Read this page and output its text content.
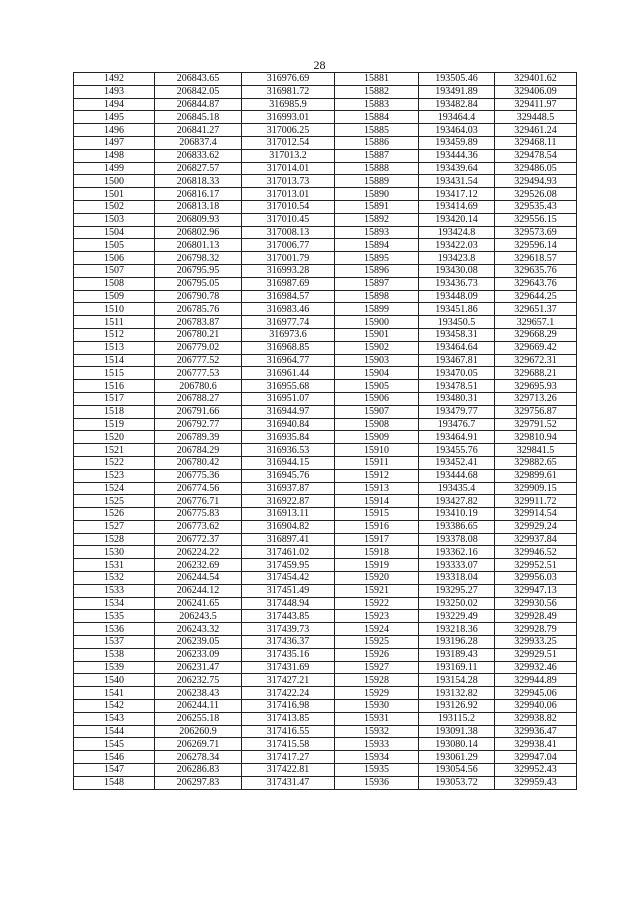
28
1492	206843.65	316976.69	15881	193505.46	329401.62
1493	206842.05	316981.72	15882	193491.89	329406.09
1494	206844.87	316985.9	15883	193482.84	329411.97
1495	206845.18	316993.01	15884	193464.4	329448.5
1496	206841.27	317006.25	15885	193464.03	329461.24
1497	206837.4	317012.54	15886	193459.89	329468.11
1498	206833.62	317013.2	15887	193444.36	329478.54
1499	206827.57	317014.01	15888	193439.64	329486.05
1500	206818.33	317013.73	15889	193431.54	329494.93
1501	206816.17	317013.01	15890	193417.12	329526.08
1502	206813.18	317010.54	15891	193414.69	329535.43
1503	206809.93	317010.45	15892	193420.14	329556.15
1504	206802.96	317008.13	15893	193424.8	329573.69
1505	206801.13	317006.77	15894	193422.03	329596.14
1506	206798.32	317001.79	15895	193423.8	329618.57
1507	206795.95	316993.28	15896	193430.08	329635.76
1508	206795.05	316987.69	15897	193436.73	329643.76
1509	206790.78	316984.57	15898	193448.09	329644.25
1510	206785.76	316983.46	15899	193451.86	329651.37
1511	206783.87	316977.74	15900	193450.5	329657.1
1512	206780.21	316973.6	15901	193458.31	329668.29
1513	206779.02	316968.85	15902	193464.64	329669.42
1514	206777.52	316964.77	15903	193467.81	329672.31
1515	206777.53	316961.44	15904	193470.05	329688.21
1516	206780.6	316955.68	15905	193478.51	329695.93
1517	206788.27	316951.07	15906	193480.31	329713.26
1518	206791.66	316944.97	15907	193479.77	329756.87
1519	206792.77	316940.84	15908	193476.7	329791.52
1520	206789.39	316935.84	15909	193464.91	329810.94
1521	206784.29	316936.53	15910	193455.76	329841.5
1522	206780.42	316944.15	15911	193452.41	329882.65
1523	206775.36	316945.76	15912	193444.68	329899.61
1524	206774.56	316937.87	15913	193435.4	329909.15
1525	206776.71	316922.87	15914	193427.82	329911.72
1526	206775.83	316913.11	15915	193410.19	329914.54
1527	206773.62	316904.82	15916	193386.65	329929.24
1528	206772.37	316897.41	15917	193378.08	329937.84
1530	206224.22	317461.02	15918	193362.16	329946.52
1531	206232.69	317459.95	15919	193333.07	329952.51
1532	206244.54	317454.42	15920	193318.04	329956.03
1533	206244.12	317451.49	15921	193295.27	329947.13
1534	206241.65	317448.94	15922	193250.02	329930.56
1535	206243.5	317443.85	15923	193229.49	329928.49
1536	206243.32	317439.73	15924	193218.36	329928.79
1537	206239.05	317436.37	15925	193196.28	329933.25
1538	206233.09	317435.16	15926	193189.43	329929.51
1539	206231.47	317431.69	15927	193169.11	329932.46
1540	206232.75	317427.21	15928	193154.28	329944.89
1541	206238.43	317422.24	15929	193132.82	329945.06
1542	206244.11	317416.98	15930	193126.92	329940.06
1543	206255.18	317413.85	15931	193115.2	329938.82
1544	206260.9	317416.55	15932	193091.38	329936.47
1545	206269.71	317415.58	15933	193080.14	329938.41
1546	206278.34	317417.27	15934	193061.29	329947.04
1547	206286.83	317422.81	15935	193054.56	329952.43
1548	206297.83	317431.47	15936	193053.72	329959.43
